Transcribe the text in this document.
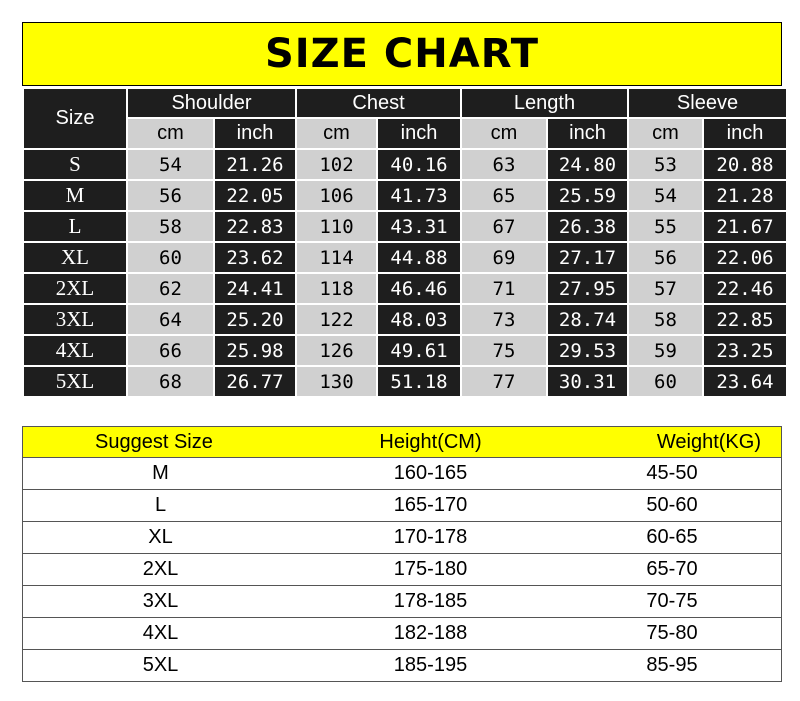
SIZE CHART
Size	Shoulder		Chest		Length		Sleeve	
	cm	inch	cm	inch	cm	inch	cm	inch
S	54	21.26	102	40.16	63	24.80	53	20.88
M	56	22.05	106	41.73	65	25.59	54	21.28
L	58	22.83	110	43.31	67	26.38	55	21.67
XL	60	23.62	114	44.88	69	27.17	56	22.06
2XL	62	24.41	118	46.46	71	27.95	57	22.46
3XL	64	25.20	122	48.03	73	28.74	58	22.85
4XL	66	25.98	126	49.61	75	29.53	59	23.25
5XL	68	26.77	130	51.18	77	30.31	60	23.64
Suggest Size	Height(CM)	Weight(KG)
M	160-165	45-50
L	165-170	50-60
XL	170-178	60-65
2XL	175-180	65-70
3XL	178-185	70-75
4XL	182-188	75-80
5XL	185-195	85-95
